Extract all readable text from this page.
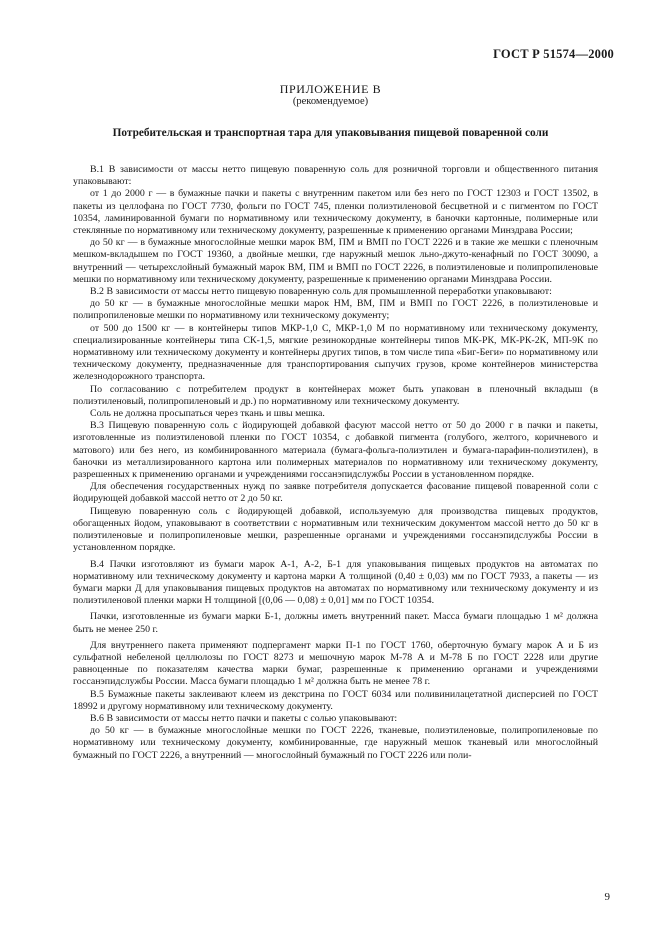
ГОСТ Р 51574—2000
ПРИЛОЖЕНИЕ В
(рекомендуемое)
Потребительская и транспортная тара для упаковывания пищевой поваренной соли

В.1 В зависимости от массы нетто пищевую поваренную соль для розничной торговли и общественного питания упаковывают:

от 1 до 2000 г — в бумажные пачки и пакеты с внутренним пакетом или без него по ГОСТ 12303 и ГОСТ 13502, в пакеты из целлофана по ГОСТ 7730, фольги по ГОСТ 745, пленки полиэтиленовой бесцветной и с пигментом по ГОСТ 10354, ламинированной бумаги по нормативному или техническому документу, в баночки картонные, полимерные или стеклянные по нормативному или техническому документу, разрешенные к применению органами Минздрава России;

до 50 кг — в бумажные многослойные мешки марок ВМ, ПМ и ВМП по ГОСТ 2226 и в такие же мешки с пленочным мешком-вкладышем по ГОСТ 19360, а двойные мешки, где наружный мешок льно-джуто-кенафный по ГОСТ 30090, а внутренний — четырехслойный бумажный марок ВМ, ПМ и ВМП по ГОСТ 2226, в полиэтиленовые и полипропиленовые мешки по нормативному или техническому документу, разрешенные к применению органами Минздрава России.

В.2 В зависимости от массы нетто пищевую поваренную соль для промышленной переработки упаковывают:

до 50 кг — в бумажные многослойные мешки марок НМ, ВМ, ПМ и ВМП по ГОСТ 2226, в полиэтиленовые и полипропиленовые мешки по нормативному или техническому документу;

от 500 до 1500 кг — в контейнеры типов МКР-1,0 С, МКР-1,0 М по нормативному или техническому документу, специализированные контейнеры типа СК-1,5, мягкие резинокордные контейнеры типов МК-РК, МК-РК-2К, МП-9К по нормативному или техническому документу и контейнеры других типов, в том числе типа «Биг-Беги» по нормативному или техническому документу, предназначенные для транспортирования сыпучих грузов, кроме контейнеров министерства железнодорожного транспорта.

По согласованию с потребителем продукт в контейнерах может быть упакован в пленочный вкладыш (в полиэтиленовый, полипропиленовый и др.) по нормативному или техническому документу.

Соль не должна просыпаться через ткань и швы мешка.

В.3 Пищевую поваренную соль с йодирующей добавкой фасуют массой нетто от 50 до 2000 г в пачки и пакеты, изготовленные из полиэтиленовой пленки по ГОСТ 10354, с добавкой пигмента (голубого, желтого, коричневого и матового) или без него, из комбинированного материала (бумага-фольга-полиэтилен и бумага-парафин-полиэтилен), в баночки из металлизированного картона или полимерных материалов по нормативному или техническому документу, разрешенных к применению органами и учреждениями госсанэпидслужбы России в установленном порядке.

Для обеспечения государственных нужд по заявке потребителя допускается фасование пищевой поваренной соли с йодирующей добавкой массой нетто от 2 до 50 кг.

Пищевую поваренную соль с йодирующей добавкой, используемую для производства пищевых продуктов, обогащенных йодом, упаковывают в соответствии с нормативным или техническим документом массой нетто до 50 кг в полиэтиленовые и полипропиленовые мешки, разрешенные органами и учреждениями госсанэпидслужбы России в установленном порядке.

В.4 Пачки изготовляют из бумаги марок А-1, А-2, Б-1 для упаковывания пищевых продуктов на автоматах по нормативному или техническому документу и картона марки А толщиной (0,40 ± 0,03) мм по ГОСТ 7933, а пакеты — из бумаги марки Д для упаковывания пищевых продуктов на автоматах по нормативному или техническому документу и из полиэтиленовой пленки марки Н толщиной [(0,06 — 0,08) ± 0,01] мм по ГОСТ 10354.

Пачки, изготовленные из бумаги марки Б-1, должны иметь внутренний пакет. Масса бумаги площадью 1 м² должна быть не менее 250 г.

Для внутреннего пакета применяют подпергамент марки П-1 по ГОСТ 1760, оберточную бумагу марок А и Б из сульфатной небеленой целлюлозы по ГОСТ 8273 и мешочную марок М-78 А и М-78 Б по ГОСТ 2228 или другие равноценные по показателям качества марки бумаг, разрешенные к применению органами и учреждениями госсанэпидслужбы России. Масса бумаги площадью 1 м² должна быть не менее 78 г.

В.5 Бумажные пакеты заклеивают клеем из декстрина по ГОСТ 6034 или поливинилацетатной дисперсией по ГОСТ 18992 и другому нормативному или техническому документу.

В.6 В зависимости от массы нетто пачки и пакеты с солью упаковывают:

до 50 кг — в бумажные многослойные мешки по ГОСТ 2226, тканевые, полиэтиленовые, полипропиленовые по нормативному или техническому документу, комбинированные, где наружный мешок тканевый или многослойный бумажный по ГОСТ 2226, а внутренний — многослойный бумажный по ГОСТ 2226 или поли-

9
